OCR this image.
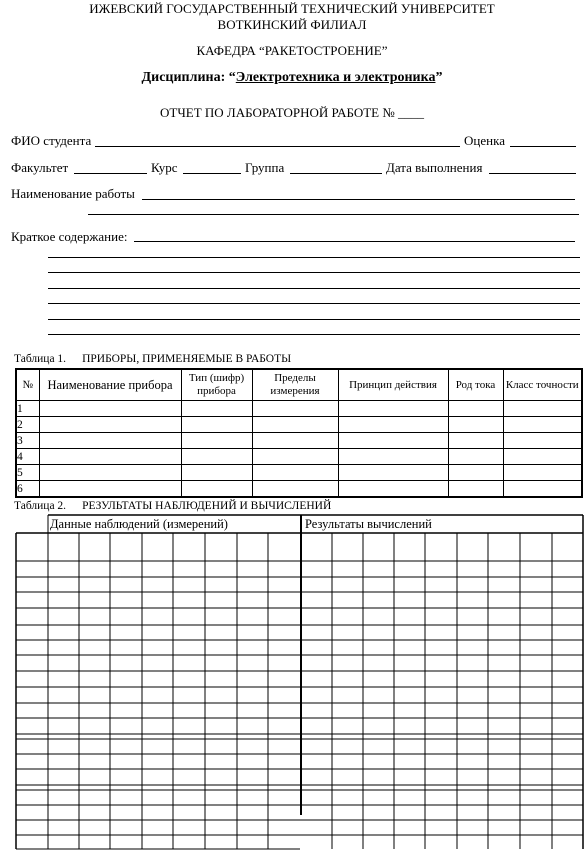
ИЖЕВСКИЙ ГОСУДАРСТВЕННЫЙ ТЕХНИЧЕСКИЙ УНИВЕРСИТЕТ
ВОТКИНСКИЙ ФИЛИАЛ
КАФЕДРА “РАКЕТОСТРОЕНИЕ”
Дисциплина: “Электротехника и электроника”
ОТЧЕТ ПО ЛАБОРАТОРНОЙ РАБОТЕ № ____
ФИО студента	Оценка
Факультет	Курс	Группа	Дата выполнения
Наименование работы
Краткое содержание:
Таблица 1. ПРИБОРЫ, ПРИМЕНЯЕМЫЕ В РАБОТЫ
№	Наименование прибора	Тип (шифр) прибора	Пределы измерения	Принцип действия	Род тока	Класс точности
1						
2						
3						
4						
5						
6						
Таблица 2. РЕЗУЛЬТАТЫ НАБЛЮДЕНИЙ И ВЫЧИСЛЕНИЙ
Данные наблюдений (измерений)	Результаты вычислений
